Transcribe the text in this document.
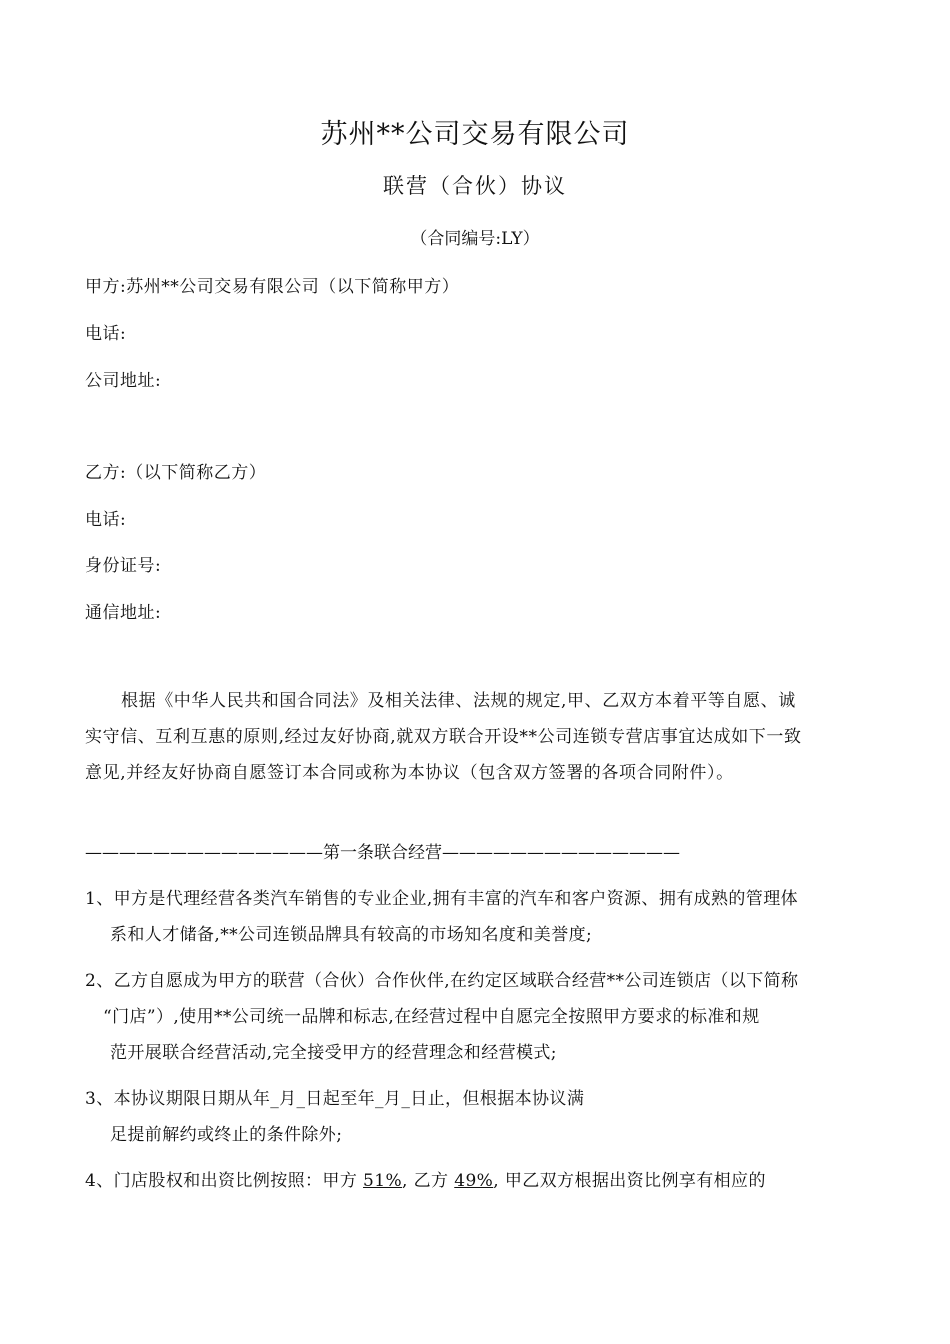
苏州**公司交易有限公司
联营（合伙）协议
（合同编号:LY）
甲方:苏州**公司交易有限公司（以下简称甲方）
电话:
公司地址:
乙方:（以下简称乙方）
电话:
身份证号:
通信地址:
根据《中华人民共和国合同法》及相关法律、法规的规定,甲、乙双方本着平等自愿、诚
实守信、互利互惠的原则,经过友好协商,就双方联合开设**公司连锁专营店事宜达成如下一致
意见,并经友好协商自愿签订本合同或称为本协议（包含双方签署的各项合同附件）。
——————————————第一条联合经营——————————————
1、甲方是代理经营各类汽车销售的专业企业,拥有丰富的汽车和客户资源、拥有成熟的管理体
系和人才储备,**公司连锁品牌具有较高的市场知名度和美誉度;
2、乙方自愿成为甲方的联营（合伙）合作伙伴,在约定区域联合经营**公司连锁店（以下简称
“门店”）,使用**公司统一品牌和标志,在经营过程中自愿完全按照甲方要求的标准和规
范开展联合经营活动,完全接受甲方的经营理念和经营模式;
3、本协议期限日期从年_月_日起至年_月_日止，但根据本协议满
足提前解约或终止的条件除外;
4、门店股权和出资比例按照：甲方 51%, 乙方 49%, 甲乙双方根据出资比例享有相应的
